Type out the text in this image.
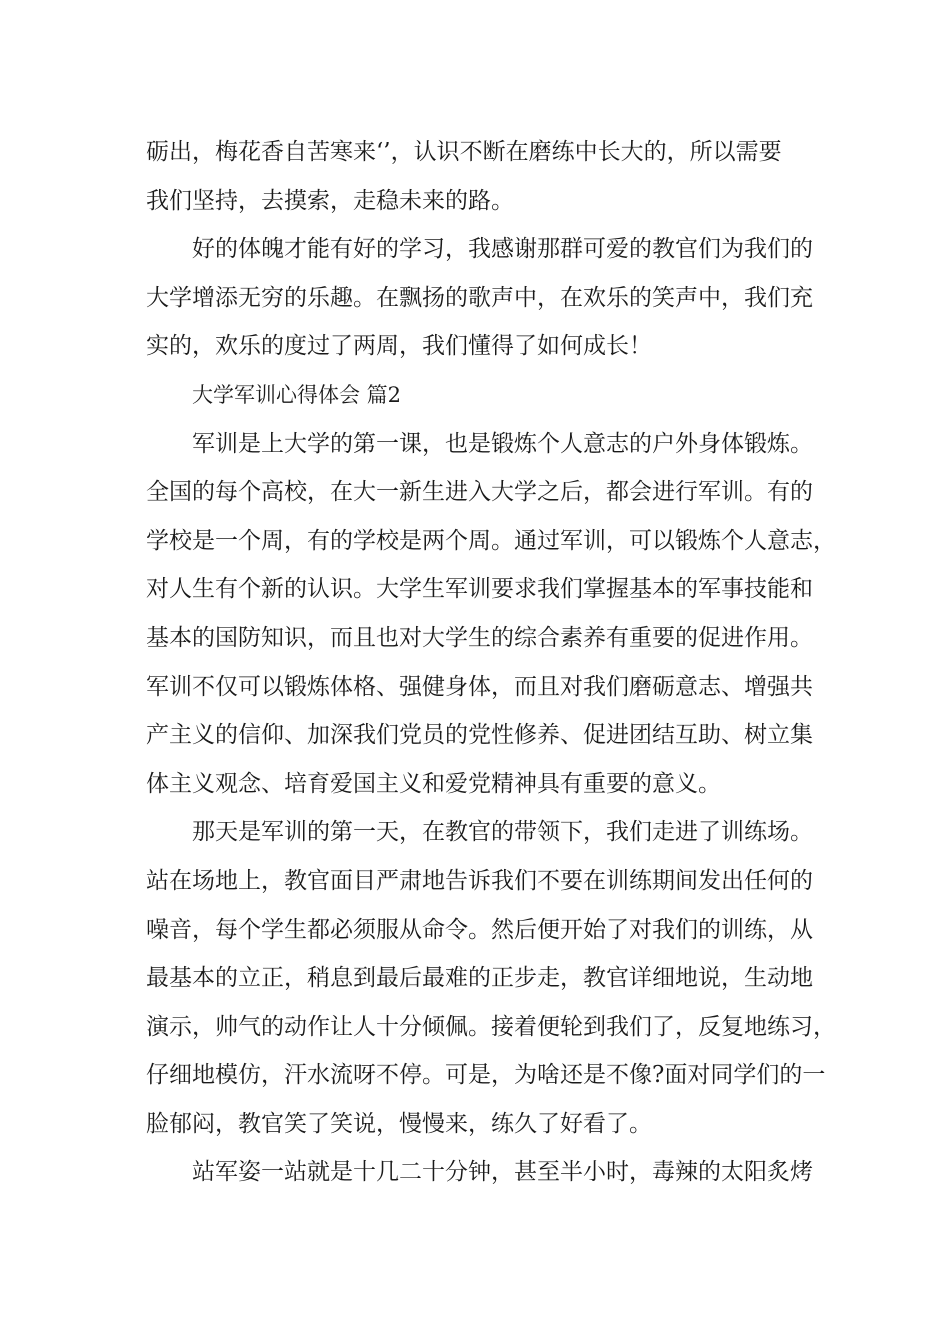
砺出，梅花香自苦寒来‘’，认识不断在磨练中长大的，所以需要
我们坚持，去摸索，走稳未来的路。

好的体魄才能有好的学习，我感谢那群可爱的教官们为我们的
大学增添无穷的乐趣。在飘扬的歌声中，在欢乐的笑声中，我们充
实的，欢乐的度过了两周，我们懂得了如何成长！

大学军训心得体会 篇2

军训是上大学的第一课，也是锻炼个人意志的户外身体锻炼。
全国的每个高校，在大一新生进入大学之后，都会进行军训。有的
学校是一个周，有的学校是两个周。通过军训，可以锻炼个人意志，
对人生有个新的认识。大学生军训要求我们掌握基本的军事技能和
基本的国防知识，而且也对大学生的综合素养有重要的促进作用。
军训不仅可以锻炼体格、强健身体，而且对我们磨砺意志、增强共
产主义的信仰、加深我们党员的党性修养、促进团结互助、树立集
体主义观念、培育爱国主义和爱党精神具有重要的意义。

那天是军训的第一天，在教官的带领下，我们走进了训练场。
站在场地上，教官面目严肃地告诉我们不要在训练期间发出任何的
噪音，每个学生都必须服从命令。然后便开始了对我们的训练，从
最基本的立正，稍息到最后最难的正步走，教官详细地说，生动地
演示，帅气的动作让人十分倾佩。接着便轮到我们了，反复地练习，
仔细地模仿，汗水流呀不停。可是，为啥还是不像?面对同学们的一
脸郁闷，教官笑了笑说，慢慢来，练久了好看了。

站军姿一站就是十几二十分钟，甚至半小时，毒辣的太阳炙烤
